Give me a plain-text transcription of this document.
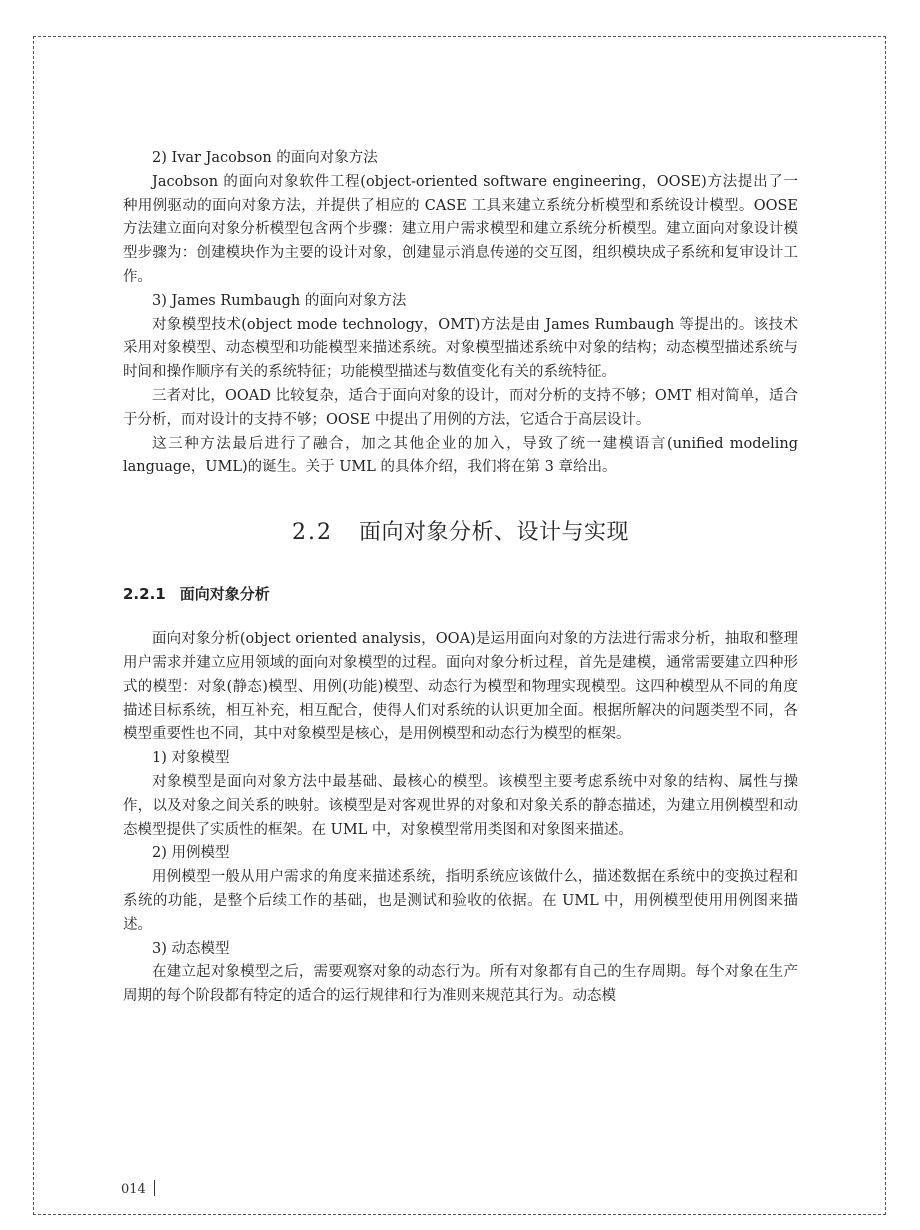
2) Ivar Jacobson 的面向对象方法

Jacobson 的面向对象软件工程(object-oriented software engineering，OOSE)方法提出了一种用例驱动的面向对象方法，并提供了相应的 CASE 工具来建立系统分析模型和系统设计模型。OOSE 方法建立面向对象分析模型包含两个步骤：建立用户需求模型和建立系统分析模型。建立面向对象设计模型步骤为：创建模块作为主要的设计对象，创建显示消息传递的交互图，组织模块成子系统和复审设计工作。

3) James Rumbaugh 的面向对象方法

对象模型技术(object mode technology，OMT)方法是由 James Rumbaugh 等提出的。该技术采用对象模型、动态模型和功能模型来描述系统。对象模型描述系统中对象的结构；动态模型描述系统与时间和操作顺序有关的系统特征；功能模型描述与数值变化有关的系统特征。

三者对比，OOAD 比较复杂，适合于面向对象的设计，而对分析的支持不够；OMT 相对简单，适合于分析，而对设计的支持不够；OOSE 中提出了用例的方法，它适合于高层设计。

这三种方法最后进行了融合，加之其他企业的加入，导致了统一建模语言(unified modeling language，UML)的诞生。关于 UML 的具体介绍，我们将在第 3 章给出。

2.2 面向对象分析、设计与实现

2.2.1 面向对象分析

面向对象分析(object oriented analysis，OOA)是运用面向对象的方法进行需求分析，抽取和整理用户需求并建立应用领域的面向对象模型的过程。面向对象分析过程，首先是建模，通常需要建立四种形式的模型：对象(静态)模型、用例(功能)模型、动态行为模型和物理实现模型。这四种模型从不同的角度描述目标系统，相互补充，相互配合，使得人们对系统的认识更加全面。根据所解决的问题类型不同，各模型重要性也不同，其中对象模型是核心，是用例模型和动态行为模型的框架。

1) 对象模型

对象模型是面向对象方法中最基础、最核心的模型。该模型主要考虑系统中对象的结构、属性与操作，以及对象之间关系的映射。该模型是对客观世界的对象和对象关系的静态描述，为建立用例模型和动态模型提供了实质性的框架。在 UML 中，对象模型常用类图和对象图来描述。

2) 用例模型

用例模型一般从用户需求的角度来描述系统，指明系统应该做什么，描述数据在系统中的变换过程和系统的功能，是整个后续工作的基础，也是测试和验收的依据。在 UML 中，用例模型使用用例图来描述。

3) 动态模型

在建立起对象模型之后，需要观察对象的动态行为。所有对象都有自己的生存周期。每个对象在生产周期的每个阶段都有特定的适合的运行规律和行为准则来规范其行为。动态模

014
